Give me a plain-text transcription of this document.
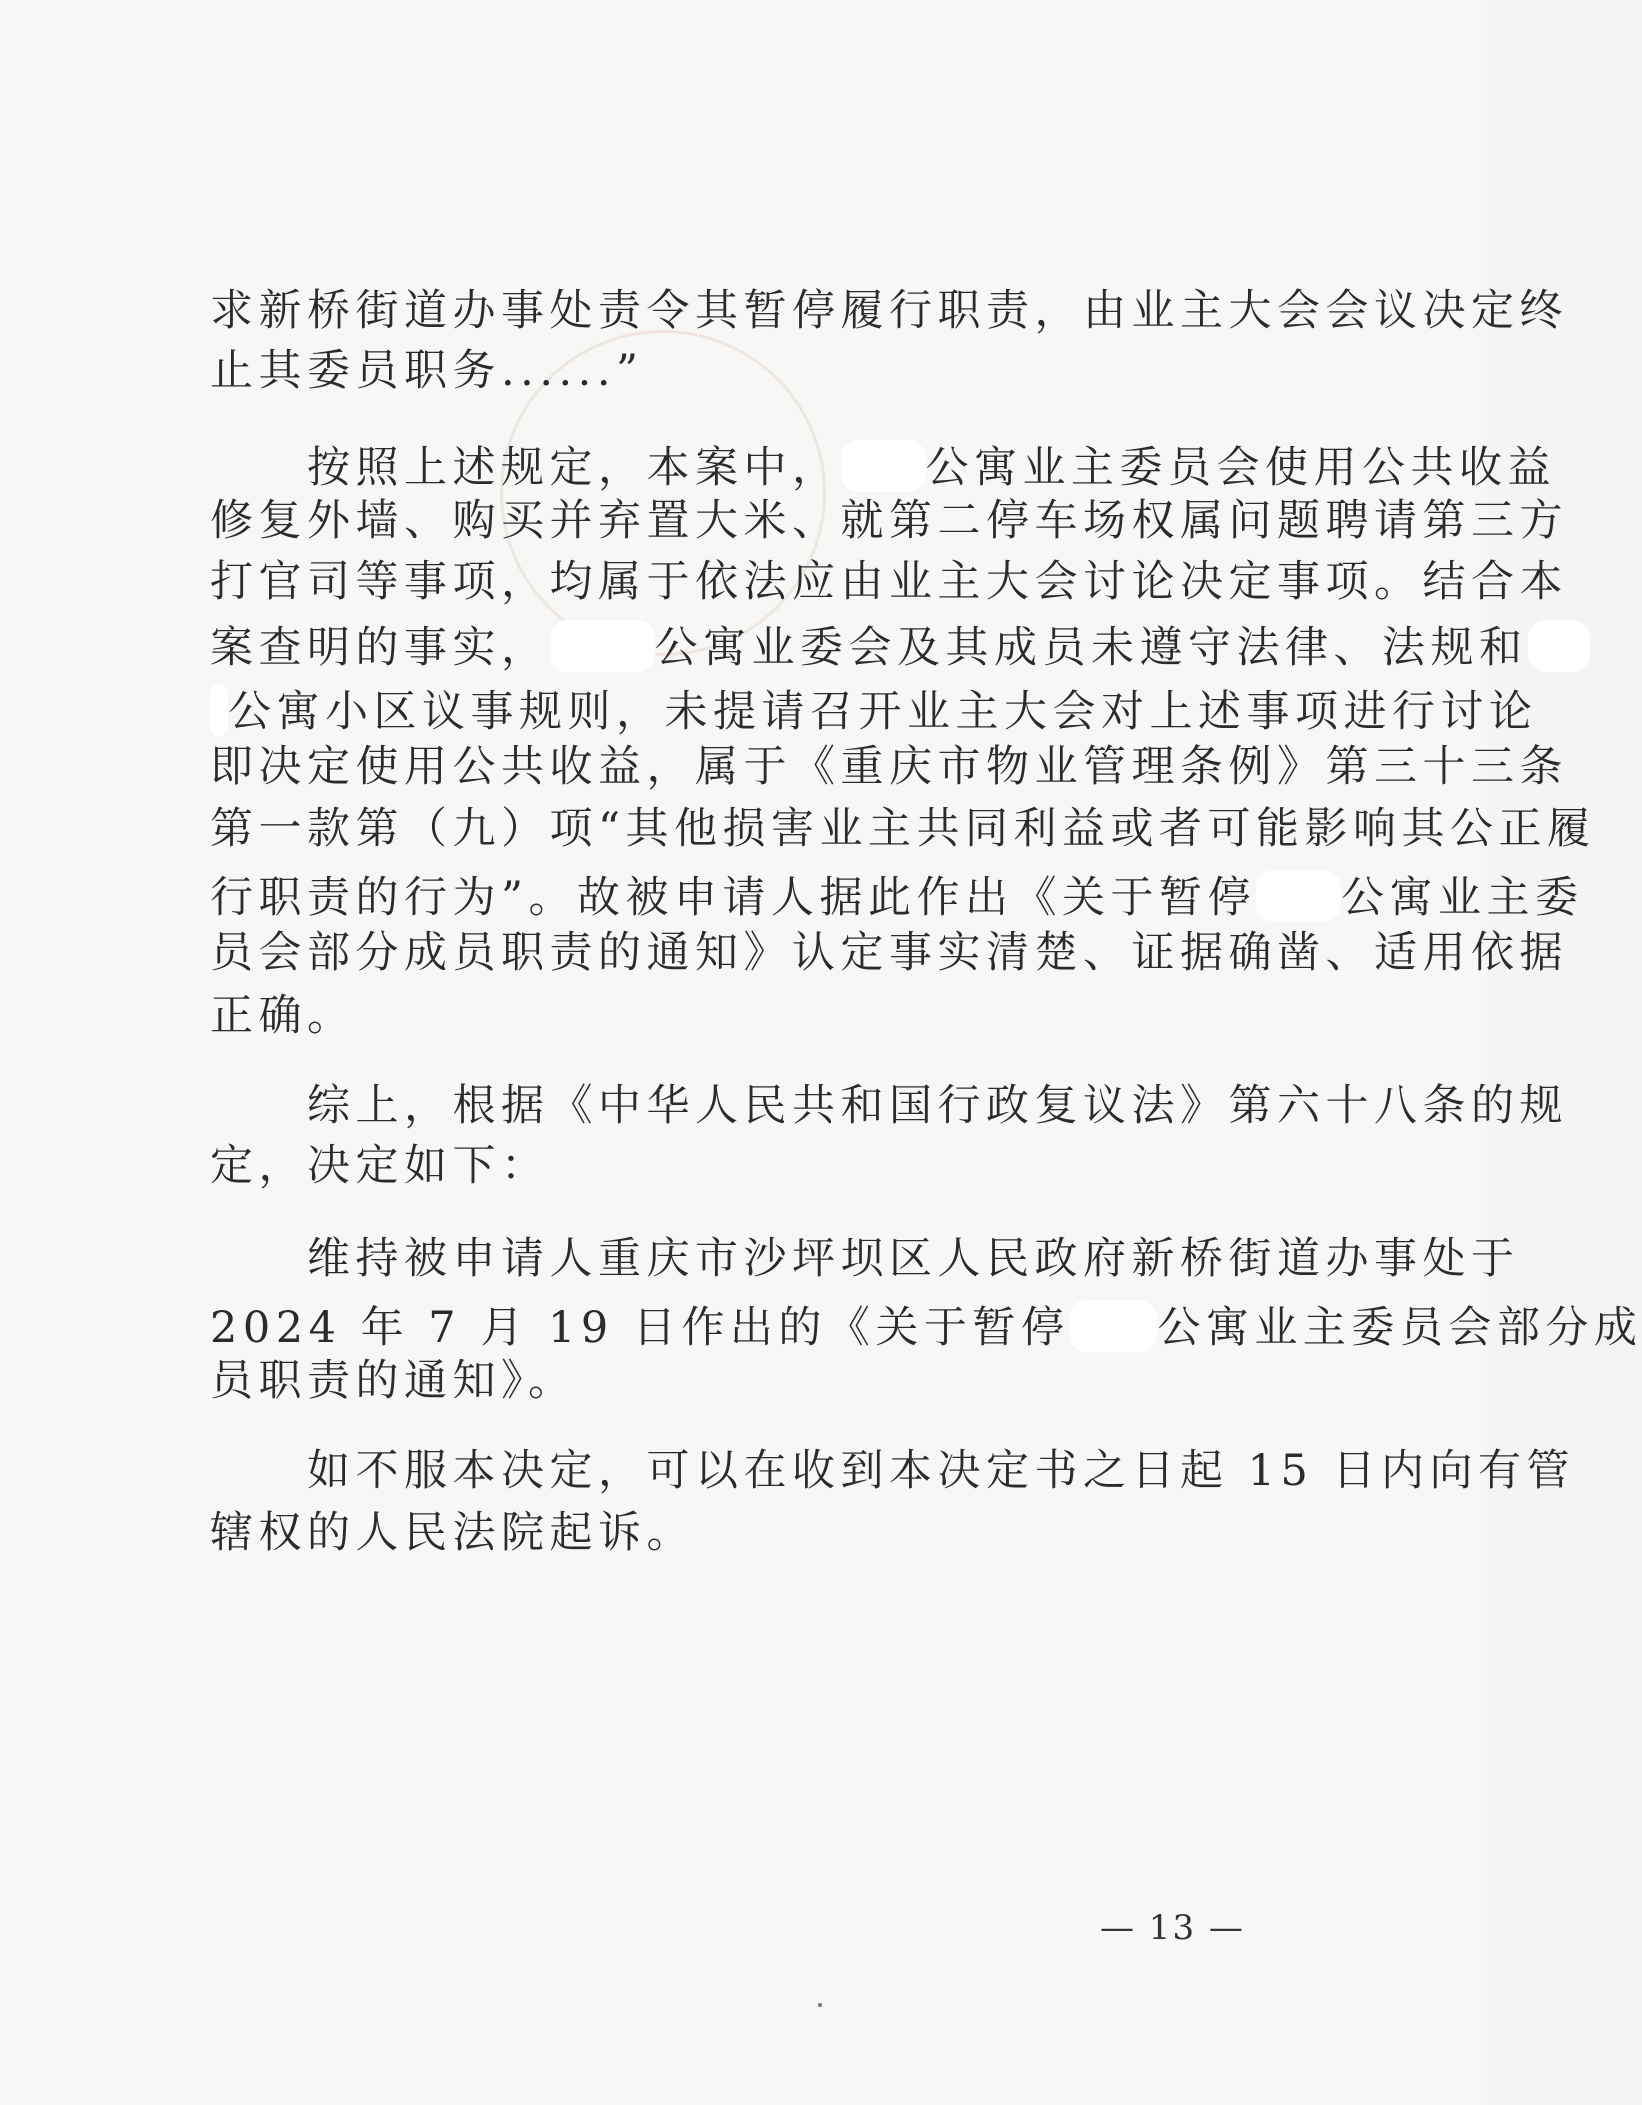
求新桥街道办事处责令其暂停履行职责，由业主大会会议决定终
止其委员职务......”
　　按照上述规定，本案中， 公寓业主委员会使用公共收益
修复外墙、购买并弃置大米、就第二停车场权属问题聘请第三方
打官司等事项，均属于依法应由业主大会讨论决定事项。结合本
案查明的事实， 公寓业委会及其成员未遵守法律、法规和
公寓小区议事规则，未提请召开业主大会对上述事项进行讨论
即决定使用公共收益，属于《重庆市物业管理条例》第三十三条
第一款第（九）项“其他损害业主共同利益或者可能影响其公正履
行职责的行为”。故被申请人据此作出《关于暂停 公寓业主委
员会部分成员职责的通知》认定事实清楚、证据确凿、适用依据
正确。
　　综上，根据《中华人民共和国行政复议法》第六十八条的规
定，决定如下：
　　维持被申请人重庆市沙坪坝区人民政府新桥街道办事处于
2024 年 7 月 19 日作出的《关于暂停 公寓业主委员会部分成
员职责的通知》。
　　如不服本决定，可以在收到本决定书之日起 15 日内向有管
辖权的人民法院起诉。
— 13 —
